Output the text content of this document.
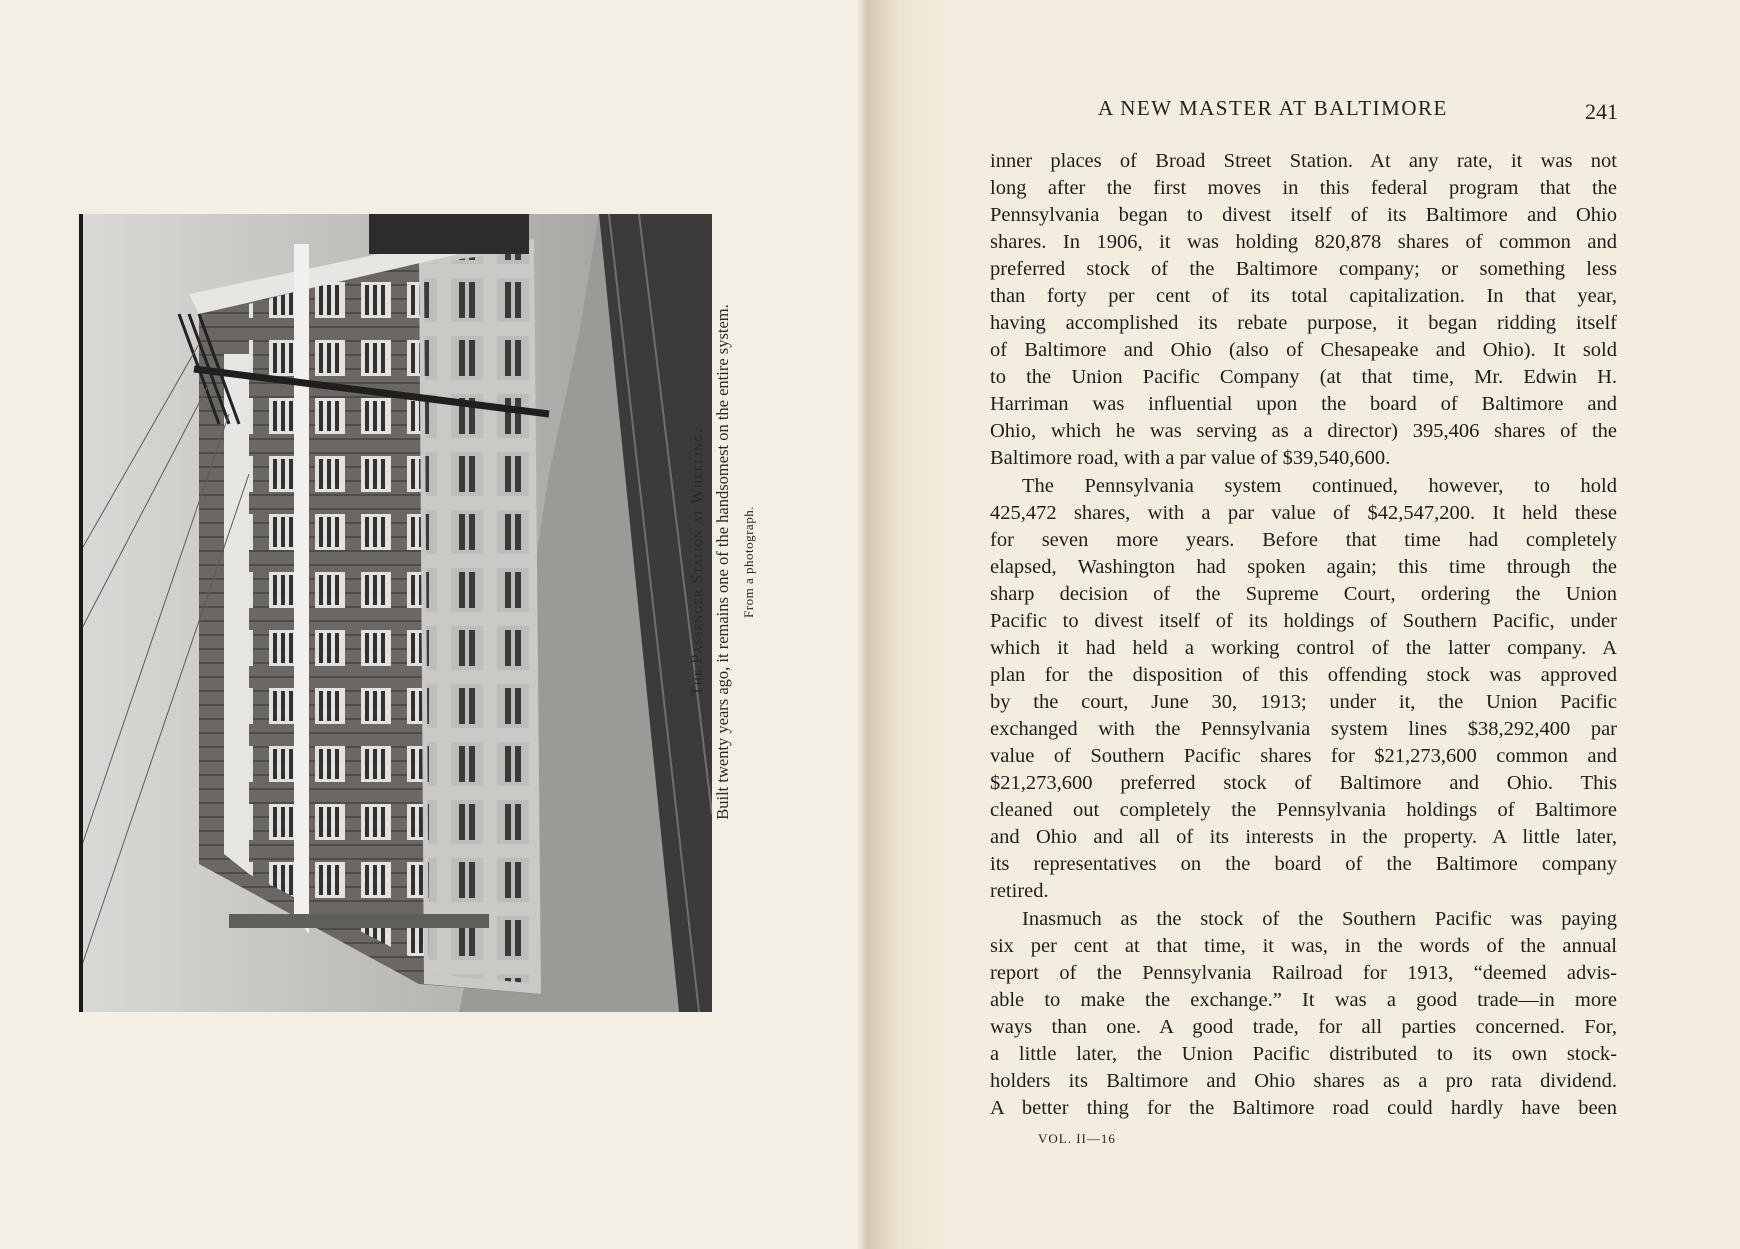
The Passenger Station at Wheeling. Built twenty years ago, it remains one of the handsomest on the entire system. From a photograph.
A NEW MASTER AT BALTIMORE	241

inner places of Broad Street Station. At any rate, it was not
long after the first moves in this federal program that the
Pennsylvania began to divest itself of its Baltimore and Ohio
shares. In 1906, it was holding 820,878 shares of common and
preferred stock of the Baltimore company; or something less
than forty per cent of its total capitalization. In that year,
having accomplished its rebate purpose, it began ridding itself
of Baltimore and Ohio (also of Chesapeake and Ohio). It sold
to the Union Pacific Company (at that time, Mr. Edwin H.
Harriman was influential upon the board of Baltimore and
Ohio, which he was serving as a director) 395,406 shares of the
Baltimore road, with a par value of $39,540,600.

The Pennsylvania system continued, however, to hold
425,472 shares, with a par value of $42,547,200. It held these
for seven more years. Before that time had completely
elapsed, Washington had spoken again; this time through the
sharp decision of the Supreme Court, ordering the Union
Pacific to divest itself of its holdings of Southern Pacific, under
which it had held a working control of the latter company. A
plan for the disposition of this offending stock was approved
by the court, June 30, 1913; under it, the Union Pacific
exchanged with the Pennsylvania system lines $38,292,400 par
value of Southern Pacific shares for $21,273,600 common and
$21,273,600 preferred stock of Baltimore and Ohio. This
cleaned out completely the Pennsylvania holdings of Baltimore
and Ohio and all of its interests in the property. A little later,
its representatives on the board of the Baltimore company
retired.

Inasmuch as the stock of the Southern Pacific was paying
six per cent at that time, it was, in the words of the annual
report of the Pennsylvania Railroad for 1913, “deemed advis-
able to make the exchange.” It was a good trade—in more
ways than one. A good trade, for all parties concerned. For,
a little later, the Union Pacific distributed to its own stock-
holders its Baltimore and Ohio shares as a pro rata dividend.
A better thing for the Baltimore road could hardly have been

VOL. II—16
